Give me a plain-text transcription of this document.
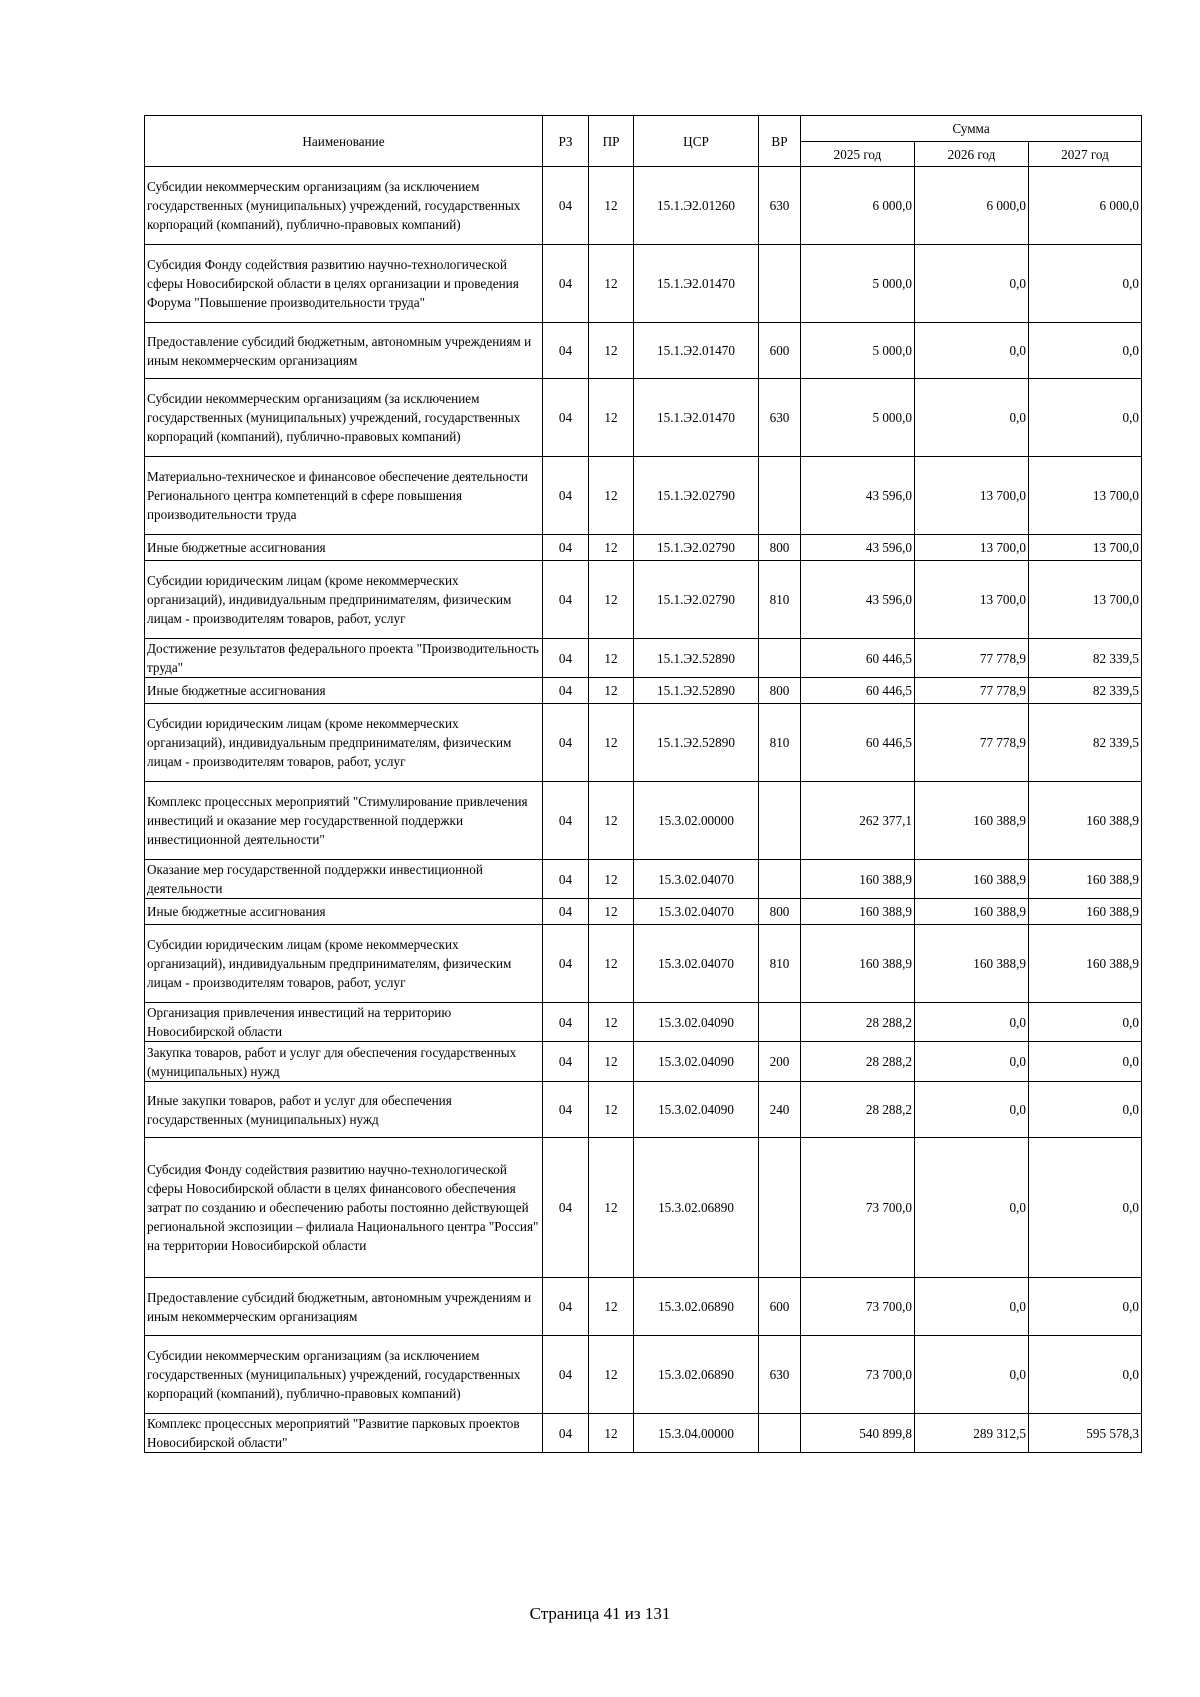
Наименование	РЗ	ПР	ЦСР	ВР	Сумма		
					2025 год	2026 год	2027 год
Субсидии некоммерческим организациям (за исключением государственных (муниципальных) учреждений, государственных корпораций (компаний), публично-правовых компаний)	04	12	15.1.Э2.01260	630	6 000,0	6 000,0	6 000,0
Субсидия Фонду содействия развитию научно-технологической сферы Новосибирской области в целях организации и проведения Форума "Повышение производительности труда"	04	12	15.1.Э2.01470		5 000,0	0,0	0,0
Предоставление субсидий бюджетным, автономным учреждениям и иным некоммерческим организациям	04	12	15.1.Э2.01470	600	5 000,0	0,0	0,0
Субсидии некоммерческим организациям (за исключением государственных (муниципальных) учреждений, государственных корпораций (компаний), публично-правовых компаний)	04	12	15.1.Э2.01470	630	5 000,0	0,0	0,0
Материально-техническое и финансовое обеспечение деятельности Регионального центра компетенций в сфере повышения производительности труда	04	12	15.1.Э2.02790		43 596,0	13 700,0	13 700,0
Иные бюджетные ассигнования	04	12	15.1.Э2.02790	800	43 596,0	13 700,0	13 700,0
Субсидии юридическим лицам (кроме некоммерческих организаций), индивидуальным предпринимателям, физическим лицам - производителям товаров, работ, услуг	04	12	15.1.Э2.02790	810	43 596,0	13 700,0	13 700,0
Достижение результатов федерального проекта "Производительность труда"	04	12	15.1.Э2.52890		60 446,5	77 778,9	82 339,5
Иные бюджетные ассигнования	04	12	15.1.Э2.52890	800	60 446,5	77 778,9	82 339,5
Субсидии юридическим лицам (кроме некоммерческих организаций), индивидуальным предпринимателям, физическим лицам - производителям товаров, работ, услуг	04	12	15.1.Э2.52890	810	60 446,5	77 778,9	82 339,5
Комплекс процессных мероприятий "Стимулирование привлечения инвестиций и оказание мер государственной поддержки инвестиционной деятельности"	04	12	15.3.02.00000		262 377,1	160 388,9	160 388,9
Оказание мер государственной поддержки инвестиционной деятельности	04	12	15.3.02.04070		160 388,9	160 388,9	160 388,9
Иные бюджетные ассигнования	04	12	15.3.02.04070	800	160 388,9	160 388,9	160 388,9
Субсидии юридическим лицам (кроме некоммерческих организаций), индивидуальным предпринимателям, физическим лицам - производителям товаров, работ, услуг	04	12	15.3.02.04070	810	160 388,9	160 388,9	160 388,9
Организация привлечения инвестиций на территорию Новосибирской области	04	12	15.3.02.04090		28 288,2	0,0	0,0
Закупка товаров, работ и услуг для обеспечения государственных (муниципальных) нужд	04	12	15.3.02.04090	200	28 288,2	0,0	0,0
Иные закупки товаров, работ и услуг для обеспечения государственных (муниципальных) нужд	04	12	15.3.02.04090	240	28 288,2	0,0	0,0
Субсидия Фонду содействия развитию научно-технологической сферы Новосибирской области в целях финансового обеспечения затрат по созданию и обеспечению работы постоянно действующей региональной экспозиции – филиала Национального центра "Россия" на территории Новосибирской области	04	12	15.3.02.06890		73 700,0	0,0	0,0
Предоставление субсидий бюджетным, автономным учреждениям и иным некоммерческим организациям	04	12	15.3.02.06890	600	73 700,0	0,0	0,0
Субсидии некоммерческим организациям (за исключением государственных (муниципальных) учреждений, государственных корпораций (компаний), публично-правовых компаний)	04	12	15.3.02.06890	630	73 700,0	0,0	0,0
Комплекс процессных мероприятий "Развитие парковых проектов Новосибирской области"	04	12	15.3.04.00000		540 899,8	289 312,5	595 578,3
Страница 41 из 131
